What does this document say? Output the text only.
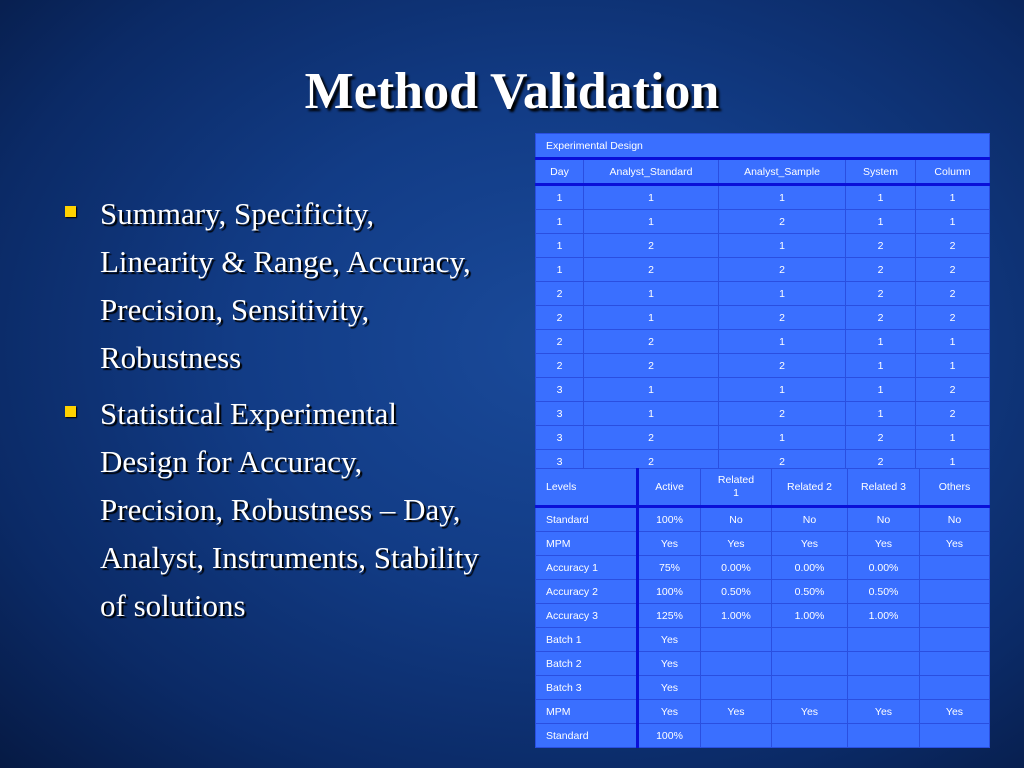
Method Validation
Summary, Specificity, Linearity & Range, Accuracy, Precision, Sensitivity, Robustness
Statistical Experimental Design for Accuracy, Precision, Robustness – Day, Analyst, Instruments, Stability of solutions
Experimental Design				
Day	Analyst_Standard	Analyst_Sample	System	Column
1	1	1	1	1
1	1	2	1	1
1	2	1	2	2
1	2	2	2	2
2	1	1	2	2
2	1	2	2	2
2	2	1	1	1
2	2	2	1	1
3	1	1	1	2
3	1	2	1	2
3	2	1	2	1
3	2	2	2	1
Levels	Active	Related 1	Related 2	Related 3	Others
Standard	100%	No	No	No	No
MPM	Yes	Yes	Yes	Yes	Yes
Accuracy 1	75%	0.00%	0.00%	0.00%	
Accuracy 2	100%	0.50%	0.50%	0.50%	
Accuracy 3	125%	1.00%	1.00%	1.00%	
Batch 1	Yes				
Batch 2	Yes				
Batch 3	Yes				
MPM	Yes	Yes	Yes	Yes	Yes
Standard	100%				
